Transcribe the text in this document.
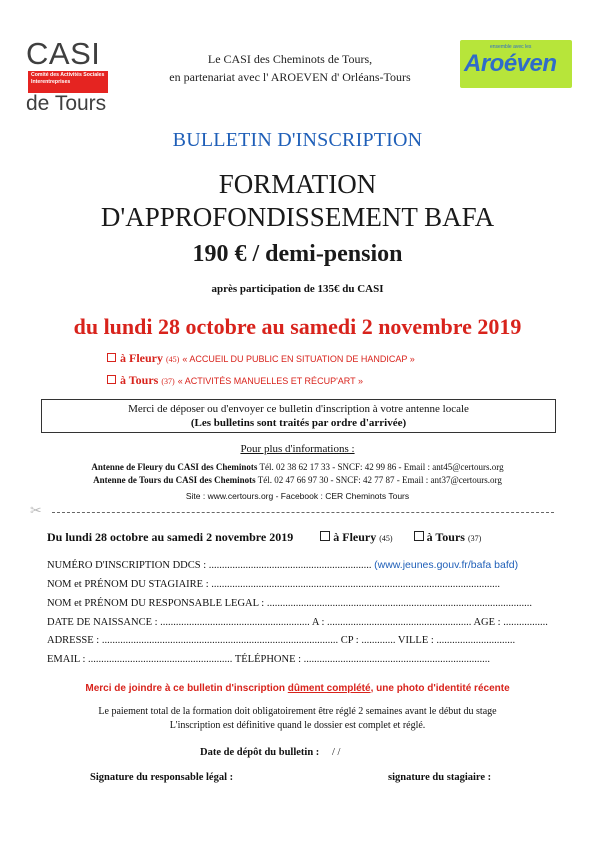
CASI
Comité des Activités Sociales Interentreprises
de Tours
Le CASI des Cheminots de Tours,
en partenariat avec l' AROEVEN d' Orléans-Tours
ensemble avec les
Aroéven
BULLETIN D'INSCRIPTION
FORMATION
D'APPROFONDISSEMENT BAFA
190 € / demi-pension
après participation de 135€ du CASI
du lundi 28 octobre au samedi 2 novembre 2019
à Fleury (45) « ACCUEIL DU PUBLIC EN SITUATION DE HANDICAP »
à Tours (37) « ACTIVITÉS MANUELLES ET RÉCUP'ART »
Merci de déposer ou d'envoyer ce bulletin d'inscription à votre antenne locale
(Les bulletins sont traités par ordre d'arrivée)
Pour plus d'informations :
Antenne de Fleury du CASI des Cheminots Tél. 02 38 62 17 33 - SNCF: 42 99 86 - Email : ant45@certours.org
Antenne de Tours du CASI des Cheminots Tél. 02 47 66 97 30 - SNCF: 42 77 87 - Email : ant37@certours.org
Site : www.certours.org - Facebook : CER Cheminots Tours
✂
Du lundi 28 octobre au samedi 2 novembre 2019	à Fleury (45)	à Tours (37)
NUMÉRO D'INSCRIPTION DDCS : .............................................................. (www.jeunes.gouv.fr/bafa bafd)
NOM et PRÉNOM DU STAGIAIRE : ..............................................................................................................
NOM et PRÉNOM DU RESPONSABLE LEGAL : .....................................................................................................
DATE DE NAISSANCE : ......................................................... A : ....................................................... AGE : .................
ADRESSE : .......................................................................................... CP : ............. VILLE : ..............................
EMAIL : ....................................................... TÉLÉPHONE : .......................................................................
Merci de joindre à ce bulletin d'inscription dûment complété, une photo d'identité récente
Le paiement total de la formation doit obligatoirement être réglé 2 semaines avant le début du stage
L'inscription est définitive quand le dossier est complet et réglé.
Date de dépôt du bulletin : / /
Signature du responsable légal :	signature du stagiaire :
